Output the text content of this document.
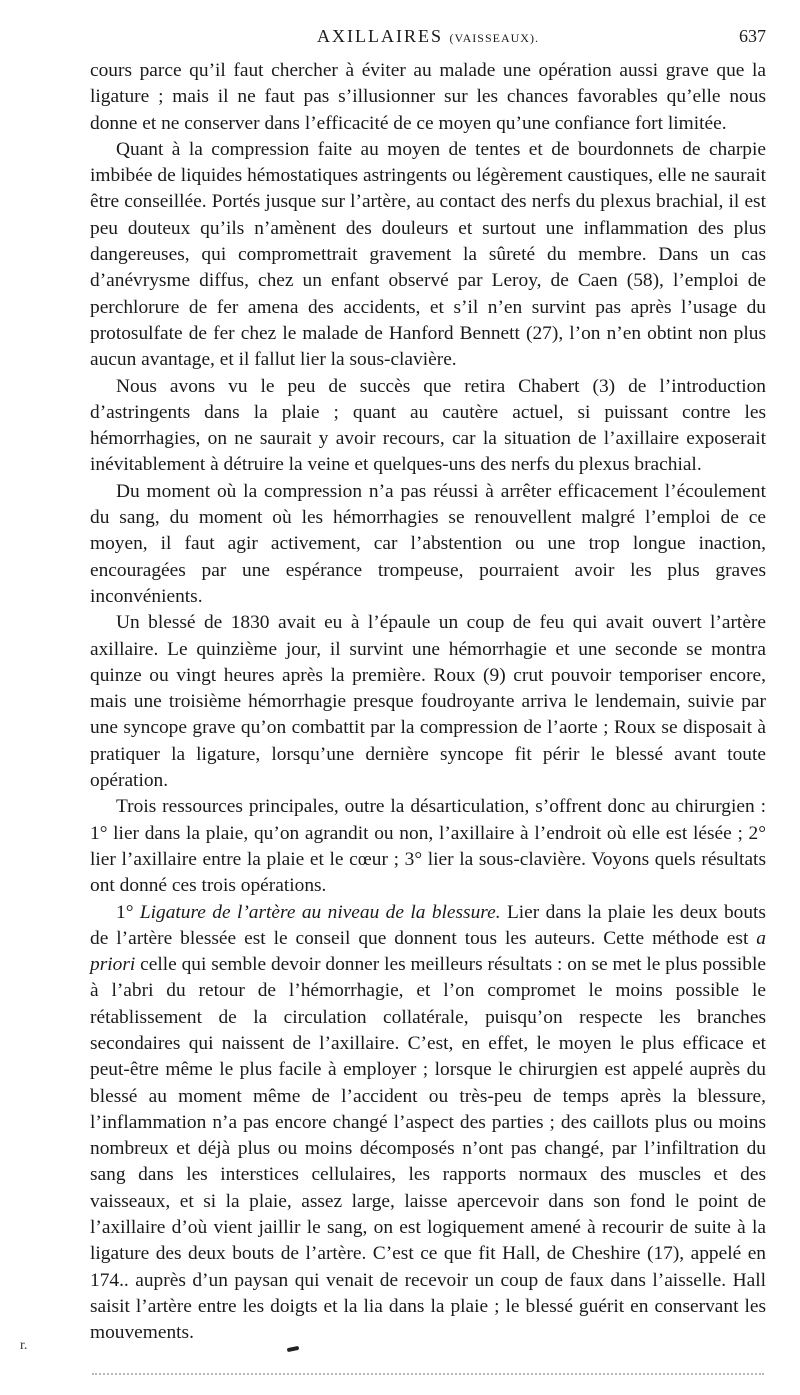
AXILLAIRES (VAISSEAUX).	637

cours parce qu’il faut chercher à éviter au malade une opération aussi grave que la ligature ; mais il ne faut pas s’illusionner sur les chances favorables qu’elle nous donne et ne conserver dans l’efficacité de ce moyen qu’une confiance fort limitée.

Quant à la compression faite au moyen de tentes et de bourdonnets de charpie imbibée de liquides hémostatiques astringents ou légèrement caustiques, elle ne saurait être conseillée. Portés jusque sur l’artère, au contact des nerfs du plexus brachial, il est peu douteux qu’ils n’amènent des douleurs et surtout une inflammation des plus dangereuses, qui compromettrait gravement la sûreté du membre. Dans un cas d’anévrysme diffus, chez un enfant observé par Leroy, de Caen (58), l’emploi de perchlorure de fer amena des accidents, et s’il n’en survint pas après l’usage du protosulfate de fer chez le malade de Hanford Bennett (27), l’on n’en obtint non plus aucun avantage, et il fallut lier la sous-clavière.

Nous avons vu le peu de succès que retira Chabert (3) de l’introduction d’astringents dans la plaie ; quant au cautère actuel, si puissant contre les hémorrhagies, on ne saurait y avoir recours, car la situation de l’axillaire exposerait inévitablement à détruire la veine et quelques-uns des nerfs du plexus brachial.

Du moment où la compression n’a pas réussi à arrêter efficacement l’écoulement du sang, du moment où les hémorrhagies se renouvellent malgré l’emploi de ce moyen, il faut agir activement, car l’abstention ou une trop longue inaction, encouragées par une espérance trompeuse, pourraient avoir les plus graves inconvénients.

Un blessé de 1830 avait eu à l’épaule un coup de feu qui avait ouvert l’artère axillaire. Le quinzième jour, il survint une hémorrhagie et une seconde se montra quinze ou vingt heures après la première. Roux (9) crut pouvoir temporiser encore, mais une troisième hémorrhagie presque foudroyante arriva le lendemain, suivie par une syncope grave qu’on combattit par la compression de l’aorte ; Roux se disposait à pratiquer la ligature, lorsqu’une dernière syncope fit périr le blessé avant toute opération.

Trois ressources principales, outre la désarticulation, s’offrent donc au chirurgien : 1° lier dans la plaie, qu’on agrandit ou non, l’axillaire à l’endroit où elle est lésée ; 2° lier l’axillaire entre la plaie et le cœur ; 3° lier la sous-clavière. Voyons quels résultats ont donné ces trois opérations.

1° Ligature de l’artère au niveau de la blessure. Lier dans la plaie les deux bouts de l’artère blessée est le conseil que donnent tous les auteurs. Cette méthode est a priori celle qui semble devoir donner les meilleurs résultats : on se met le plus possible à l’abri du retour de l’hémorrhagie, et l’on compromet le moins possible le rétablissement de la circulation collatérale, puisqu’on respecte les branches secondaires qui naissent de l’axillaire. C’est, en effet, le moyen le plus efficace et peut-être même le plus facile à employer ; lorsque le chirurgien est appelé auprès du blessé au moment même de l’accident ou très-peu de temps après la blessure, l’inflammation n’a pas encore changé l’aspect des parties ; des caillots plus ou moins nombreux et déjà plus ou moins décomposés n’ont pas changé, par l’infiltration du sang dans les interstices cellulaires, les rapports normaux des muscles et des vaisseaux, et si la plaie, assez large, laisse apercevoir dans son fond le point de l’axillaire d’où vient jaillir le sang, on est logiquement amené à recourir de suite à la ligature des deux bouts de l’artère. C’est ce que fit Hall, de Cheshire (17), appelé en 174.. auprès d’un paysan qui venait de recevoir un coup de faux dans l’aisselle. Hall saisit l’artère entre les doigts et la lia dans la plaie ; le blessé guérit en conservant les mouvements.

r.
